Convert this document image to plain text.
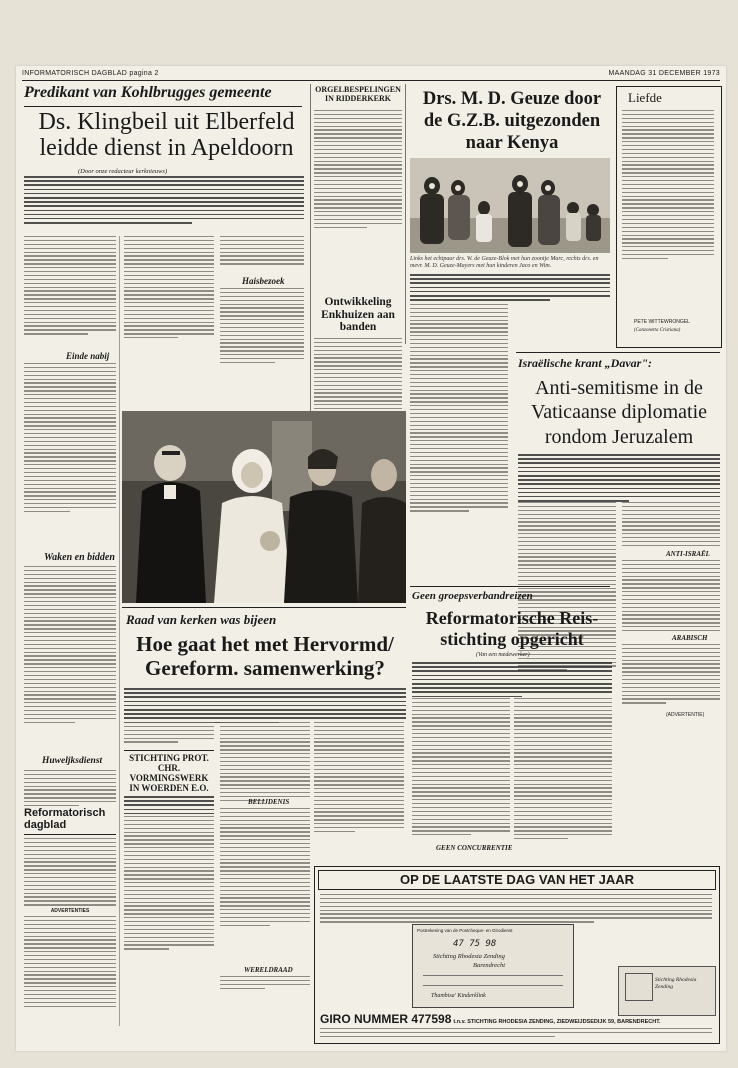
INFORMATORISCH DAGBLAD pagina 2	MAANDAG 31 DECEMBER 1973
Predikant van Kohlbrugges gemeente
Ds. Klingbeil uit Elberfeld leidde dienst in Apeldoorn
(Door onze redacteur kerknieuws)
Einde nabij
Waken en bidden
Huweljksdienst
Reformatorisch dagblad
ADVERTENTIES
Haisbezoek
ORGELBESPELINGEN IN RIDDERKERK
Ontwikkeling Enkhuizen aan banden
Drs. M. D. Geuze door de G.Z.B. uitgezonden naar Kenya
Links het echtpaar drs. W. de Geuze-Blok met hun zoontje Marc, rechts drs. en mevr. M. D. Geuze-Mayers met hun kinderen Jaco en Wim.
Liefde
PETE WITTEWRONGEL
(Canzonetta Cristiana)
Israëlische krant „Davar":
Anti-semitisme in de Vaticaanse diplomatie rondom Jeruzalem
ANTI-ISRAËL
ARABISCH
(ADVERTENTIE)
Raad van kerken was bijeen
Hoe gaat het met Hervormd/ Gereform. samenwerking?
STICHTING PROT. CHR. VORMINGSWERK IN WOERDEN E.O.
BELIJDENIS
WERELDRAAD
Geen groepsverbandreizen
Reformatorische Reis-stichting opgericht
(Van een medewerker)
GEEN CONCURRENTIE
OP DE LAATSTE DAG VAN HET JAAR
Postrekening van de Postcheque- en Girodienst
47 75 98
Stichting Rhodesia Zending
Barendrecht
Thambisa' Kinderklink
GIRO NUMMER 477598 t.n.v. STICHTING RHODESIA ZENDING, ZIEDWEIJDSEDIJK 59, BARENDRECHT.
Stichting Rhodesia Zending
